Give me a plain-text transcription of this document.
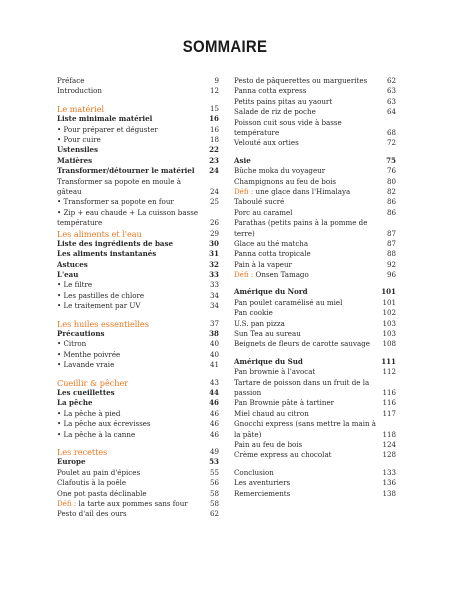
SOMMAIRE
Préface	9
Introduction	12
Le matériel	15
Liste minimale matériel	16
• Pour préparer et déguster	16
• Pour cuire	18
Ustensiles	22
Matières	23
Transformer/détourner le matériel	24
Transformer sa popote en moule à gâteau	24
• Transformer sa popote en four	25
• Zip + eau chaude + La cuisson basse température	26
Les aliments et l'eau	29
Liste des ingrédients de base	30
Les aliments instantanés	31
Astuces	32
L'eau	33
• Le filtre	33
• Les pastilles de chlore	34
• Le traitement par UV	34
Les huiles essentielles	37
Précautions	38
• Citron	40
• Menthe poivrée	40
• Lavande vraie	41
Cueillir & pêcher	43
Les cueillettes	44
La pêche	46
• La pêche à pied	46
• La pêche aux écrevisses	46
• La pêche à la canne	46
Les recettes	49
Europe	53
Poulet au pain d'épices	55
Clafoutis à la poêle	56
One pot pasta déclinable	58
Défi : la tarte aux pommes sans four	58
Pesto d'ail des ours	62
Pesto de pâquerettes ou marguerites	62
Panna cotta express	63
Petits pains pitas au yaourt	63
Salade de riz de poche	64
Poisson cuit sous vide à basse température	68
Velouté aux orties	72
Asie	75
Bûche moka du voyageur	76
Champignons au feu de bois	80
Défi : une glace dans l'Himalaya	82
Taboulé sucré	86
Porc au caramel	86
Parathas (petits pains à la pomme de terre)	87
Glace au thé matcha	87
Panna cotta tropicale	88
Pain à la vapeur	92
Défi : Onsen Tamago	96
Amérique du Nord	101
Pan poulet caramélisé au miel	101
Pan cookie	102
U.S. pan pizza	103
Sun Tea au sureau	103
Beignets de fleurs de carotte sauvage	108
Amérique du Sud	111
Pan brownie à l'avocat	112
Tartare de poisson dans un fruit de la passion	116
Pan Brownie pâte à tartiner	116
Miel chaud au citron	117
Gnocchi express (sans mettre la main à la pâte)	118
Pain au feu de bois	124
Crème express au chocolat	128
Conclusion	133
Les aventuriers	136
Remerciements	138
